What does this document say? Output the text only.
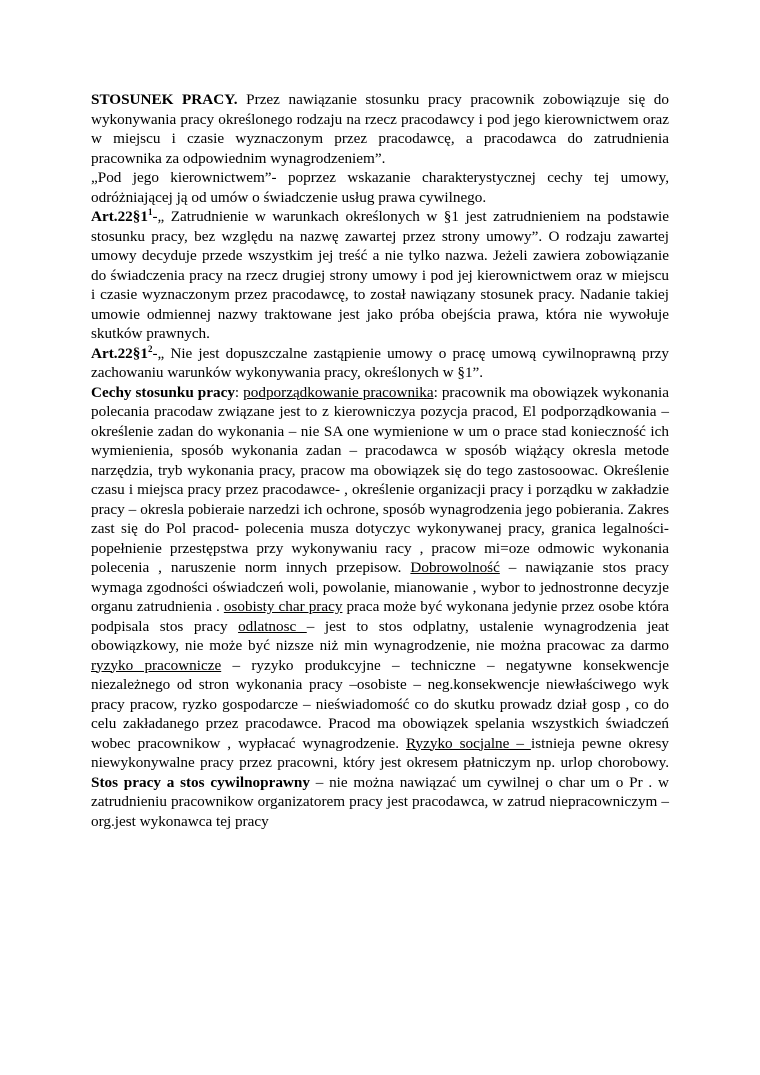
STOSUNEK PRACY. Przez nawiązanie stosunku pracy pracownik zobowiązuje się do wykonywania pracy określonego rodzaju na rzecz pracodawcy i pod jego kierownictwem oraz w miejscu i czasie wyznaczonym przez pracodawcę, a pracodawca do zatrudnienia pracownika za odpowiednim wynagrodzeniem”.

„Pod jego kierownictwem”- poprzez wskazanie charakterystycznej cechy tej umowy, odróżniającej ją od umów o świadczenie usług prawa cywilnego.

$Art.22\S 1^1-„$ Zatrudnienie w warunkach określonych w §1 jest zatrudnieniem na podstawie stosunku pracy, bez względu na nazwę zawartej przez strony umowy”. O rodzaju zawartej umowy decyduje przede wszystkim jej treść a nie tylko nazwa. Jeżeli zawiera zobowiązanie do świadczenia pracy na rzecz drugiej strony umowy i pod jej kierownictwem oraz w miejscu i czasie wyznaczonym przez pracodawcę, to został nawiązany stosunek pracy. Nadanie takiej umowie odmiennej nazwy traktowane jest jako próba obejścia prawa, która nie wywołuje skutków prawnych.

$Art.22\S 1^2-„$ Nie jest dopuszczalne zastąpienie umowy o pracę umową cywilnoprawną przy zachowaniu warunków wykonywania pracy, określonych w §1”.

Cechy stosunku pracy: podporządkowanie pracownika: pracownik ma obowiązek wykonania polecania pracodaw związane jest to z kierowniczya pozycja pracod, El podporządkowania – określenie zadan do wykonania – nie SA one wymienione w um o prace stad konieczność ich wymienienia, sposób wykonania zadan – pracodawca w sposób wiążący okresla metode narzędzia, tryb wykonania pracy, pracow ma obowiązek się do tego zastosoowac. Określenie czasu i miejsca pracy przez pracodawce- , określenie organizacji pracy i porządku w zakładzie pracy – okresla pobieraie narzedzi ich ochrone, sposób wynagrodzenia jego pobierania. Zakres zast się do Pol pracod- polecenia musza dotyczyc wykonywanej pracy, granica legalności- popełnienie przestępstwa przy wykonywaniu racy , pracow mi=oze odmowic wykonania polecenia , naruszenie norm innych przepisow. Dobrowolność – nawiązanie stos pracy wymaga zgodności oświadczeń woli, powolanie, mianowanie , wybor to jednostronne decyzje organu zatrudnienia . osobisty char pracy praca może być wykonana jedynie przez osobe która podpisala stos pracy odlatnosc – jest to stos odplatny, ustalenie wynagrodzenia jeat obowiązkowy, nie może być nizsze niż min wynagrodzenie, nie można pracowac za darmo ryzyko pracownicze – ryzyko produkcyjne – techniczne – negatywne konsekwencje niezależnego od stron wykonania pracy –osobiste – neg.konsekwencje niewłaściwego wyk pracy pracow, ryzko gospodarcze – nieświadomość co do skutku prowadz dział gosp , co do celu zakładanego przez pracodawce. Pracod ma obowiązek spelania wszystkich świadczeń wobec pracownikow , wypłacać wynagrodzenie. Ryzyko socjalne – istnieja pewne okresy niewykonywalne pracy przez pracowni, który jest okresem płatniczym np. urlop chorobowy. Stos pracy a stos cywilnoprawny – nie można nawiązać um cywilnej o char um o Pr . w zatrudnieniu pracownikow organizatorem pracy jest pracodawca, w zatrud niepracowniczym – org.jest wykonawca tej pracy
